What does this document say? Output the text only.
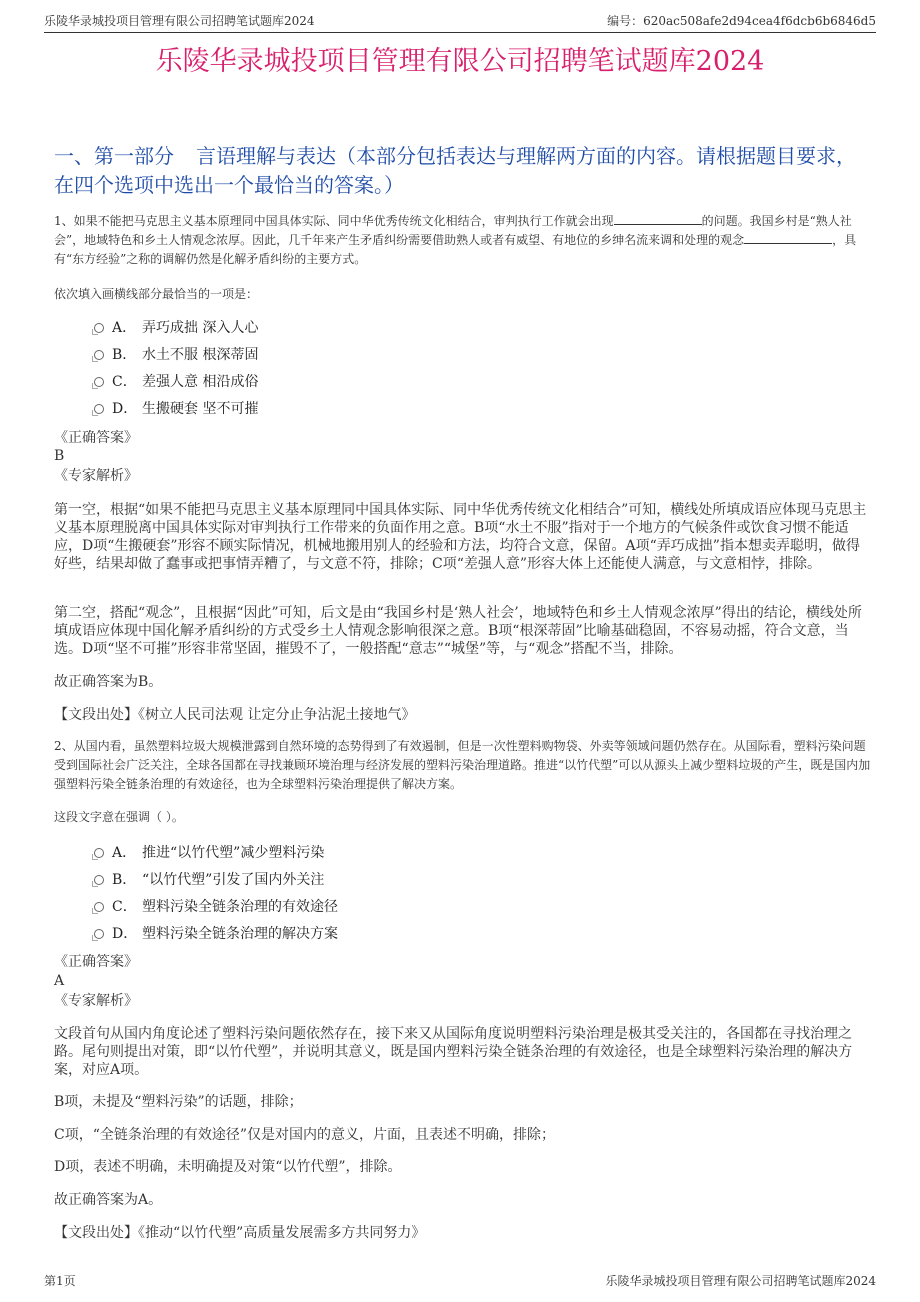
乐陵华录城投项目管理有限公司招聘笔试题库2024	编号：620ac508afe2d94cea4f6dcb6b6846d5
乐陵华录城投项目管理有限公司招聘笔试题库2024
一、第一部分 言语理解与表达（本部分包括表达与理解两方面的内容。请根据题目要求，在四个选项中选出一个最恰当的答案。）
1、如果不能把马克思主义基本原理同中国具体实际、同中华优秀传统文化相结合，审判执行工作就会出现	的问题。我国乡村是“熟人社会”，地域特色和乡土人情观念浓厚。因此，几千年来产生矛盾纠纷需要借助熟人或者有威望、有地位的乡绅名流来调和处理的观念	，具有“东方经验”之称的调解仍然是化解矛盾纠纷的主要方式。
依次填入画横线部分最恰当的一项是：
A． 弄巧成拙 深入人心
B． 水土不服 根深蒂固
C． 差强人意 相沿成俗
D． 生搬硬套 坚不可摧
《正确答案》
B
《专家解析》
第一空，根据“如果不能把马克思主义基本原理同中国具体实际、同中华优秀传统文化相结合”可知，横线处所填成语应体现马克思主义基本原理脱离中国具体实际对审判执行工作带来的负面作用之意。B项“水土不服”指对于一个地方的气候条件或饮食习惯不能适应，D项“生搬硬套”形容不顾实际情况，机械地搬用别人的经验和方法，均符合文意，保留。A项“弄巧成拙”指本想卖弄聪明，做得好些，结果却做了蠢事或把事情弄糟了，与文意不符，排除；C项“差强人意”形容大体上还能使人满意，与文意相悖，排除。
第二空，搭配“观念”，且根据“因此”可知，后文是由“我国乡村是‘熟人社会’，地域特色和乡土人情观念浓厚”得出的结论，横线处所填成语应体现中国化解矛盾纠纷的方式受乡土人情观念影响很深之意。B项“根深蒂固”比喻基础稳固，不容易动摇，符合文意，当选。D项“坚不可摧”形容非常坚固，摧毁不了，一般搭配“意志”“城堡”等，与“观念”搭配不当，排除。
故正确答案为B。
【文段出处】《树立人民司法观 让定分止争沾泥土接地气》
2、从国内看，虽然塑料垃圾大规模泄露到自然环境的态势得到了有效遏制，但是一次性塑料购物袋、外卖等领域问题仍然存在。从国际看，塑料污染问题受到国际社会广泛关注，全球各国都在寻找兼顾环境治理与经济发展的塑料污染治理道路。推进“以竹代塑”可以从源头上减少塑料垃圾的产生，既是国内加强塑料污染全链条治理的有效途径，也为全球塑料污染治理提供了解决方案。
这段文字意在强调（ ）。
A． 推进“以竹代塑”减少塑料污染
B． “以竹代塑”引发了国内外关注
C． 塑料污染全链条治理的有效途径
D． 塑料污染全链条治理的解决方案
《正确答案》
A
《专家解析》
文段首句从国内角度论述了塑料污染问题依然存在，接下来又从国际角度说明塑料污染治理是极其受关注的，各国都在寻找治理之路。尾句则提出对策，即“以竹代塑”，并说明其意义，既是国内塑料污染全链条治理的有效途径，也是全球塑料污染治理的解决方案，对应A项。
B项，未提及“塑料污染”的话题，排除；
C项，“全链条治理的有效途径”仅是对国内的意义，片面，且表述不明确，排除；
D项，表述不明确，未明确提及对策“以竹代塑”，排除。
故正确答案为A。
【文段出处】《推动“以竹代塑”高质量发展需多方共同努力》
第1页	乐陵华录城投项目管理有限公司招聘笔试题库2024
